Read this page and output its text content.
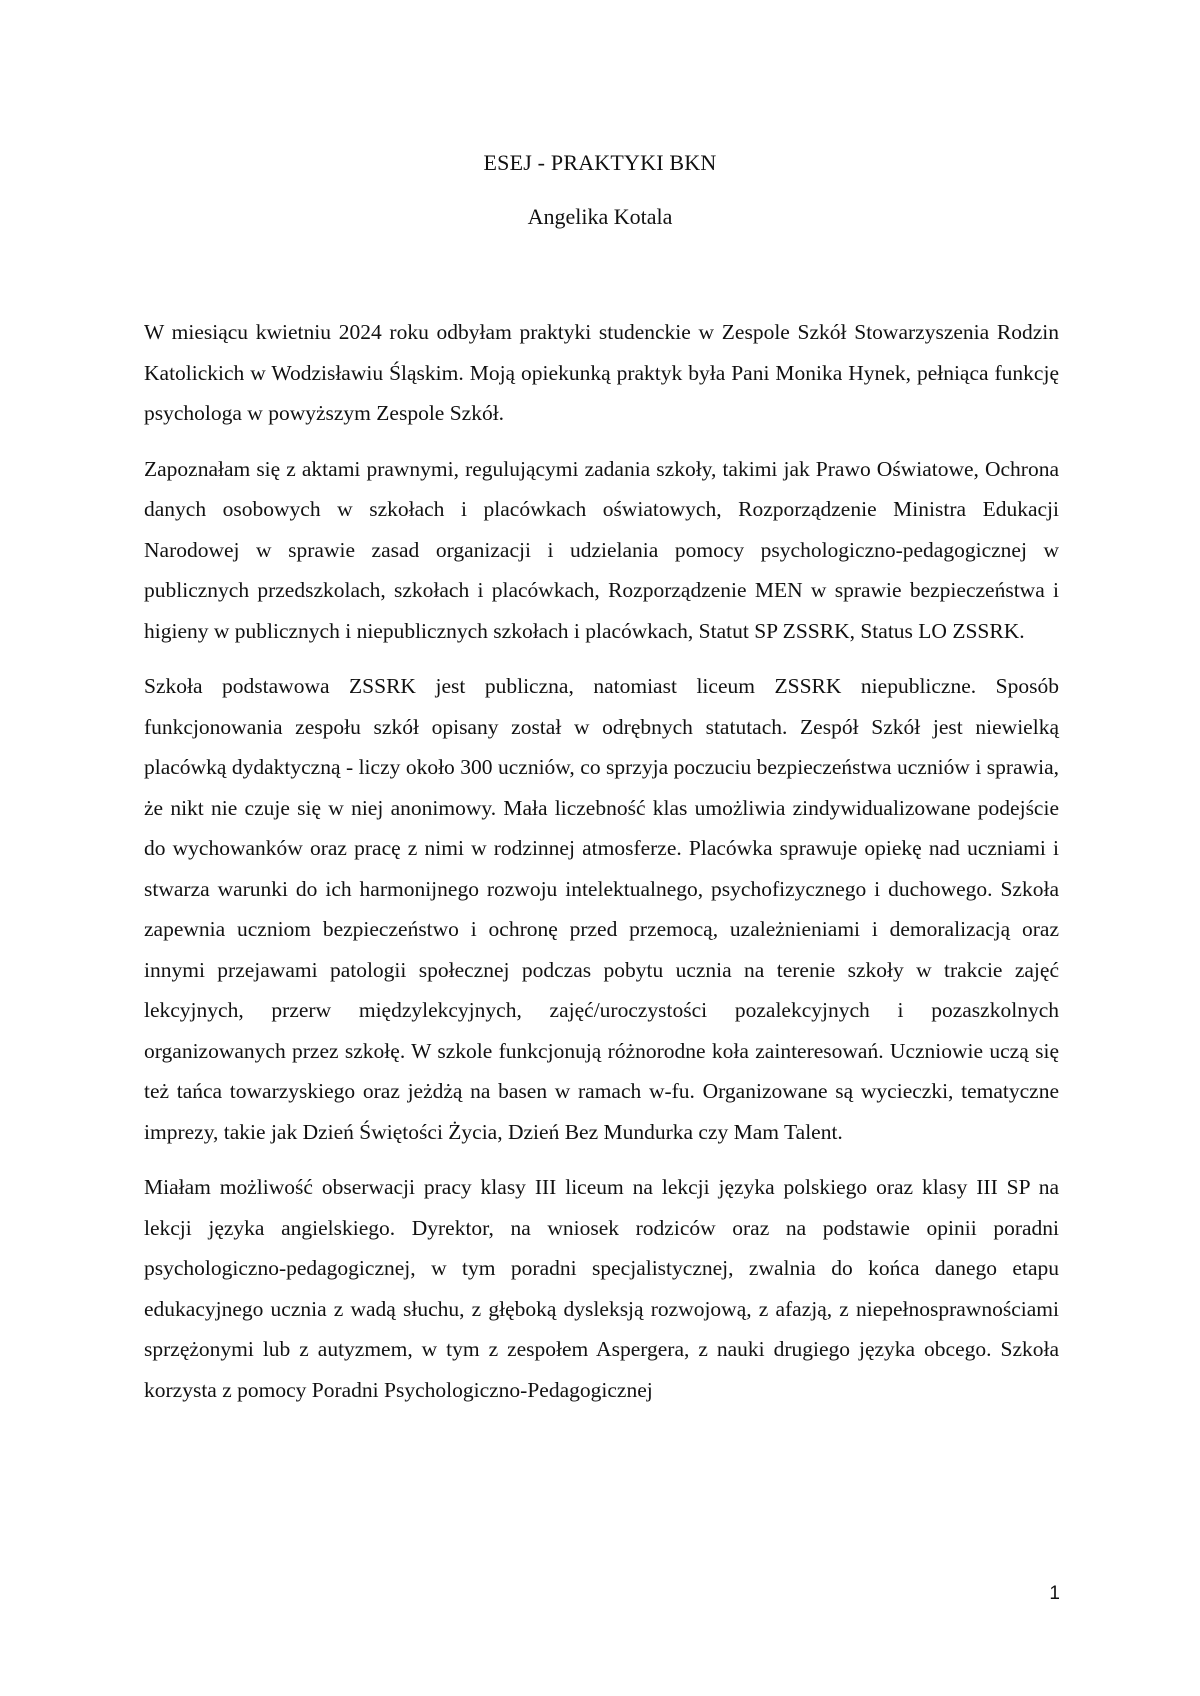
ESEJ - PRAKTYKI BKN
Angelika Kotala

W miesiącu kwietniu 2024 roku odbyłam praktyki studenckie w Zespole Szkół Stowarzyszenia Rodzin Katolickich w Wodzisławiu Śląskim. Moją opiekunką praktyk była Pani Monika Hynek, pełniąca funkcję psychologa w powyższym Zespole Szkół.

Zapoznałam się z aktami prawnymi, regulującymi zadania szkoły, takimi jak Prawo Oświatowe, Ochrona danych osobowych w szkołach i placówkach oświatowych, Rozporządzenie Ministra Edukacji Narodowej w sprawie zasad organizacji i udzielania pomocy psychologiczno-pedagogicznej w publicznych przedszkolach, szkołach i placówkach, Rozporządzenie MEN w sprawie bezpieczeństwa i higieny w publicznych i niepublicznych szkołach i placówkach, Statut SP ZSSRK, Status LO ZSSRK.

Szkoła podstawowa ZSSRK jest publiczna, natomiast liceum ZSSRK niepubliczne. Sposób funkcjonowania zespołu szkół opisany został w odrębnych statutach. Zespół Szkół jest niewielką placówką dydaktyczną - liczy około 300 uczniów, co sprzyja poczuciu bezpieczeństwa uczniów i sprawia, że nikt nie czuje się w niej anonimowy. Mała liczebność klas umożliwia zindywidualizowane podejście do wychowanków oraz pracę z nimi w rodzinnej atmosferze. Placówka sprawuje opiekę nad uczniami i stwarza warunki do ich harmonijnego rozwoju intelektualnego, psychofizycznego i duchowego. Szkoła zapewnia uczniom bezpieczeństwo i ochronę przed przemocą, uzależnieniami i demoralizacją oraz innymi przejawami patologii społecznej podczas pobytu ucznia na terenie szkoły w trakcie zajęć lekcyjnych, przerw międzylekcyjnych, zajęć/uroczystości pozalekcyjnych i pozaszkolnych organizowanych przez szkołę. W szkole funkcjonują różnorodne koła zainteresowań. Uczniowie uczą się też tańca towarzyskiego oraz jeżdżą na basen w ramach w-fu. Organizowane są wycieczki, tematyczne imprezy, takie jak Dzień Świętości Życia, Dzień Bez Mundurka czy Mam Talent.

Miałam możliwość obserwacji pracy klasy III liceum na lekcji języka polskiego oraz klasy III SP na lekcji języka angielskiego. Dyrektor, na wniosek rodziców oraz na podstawie opinii poradni psychologiczno-pedagogicznej, w tym poradni specjalistycznej, zwalnia do końca danego etapu edukacyjnego ucznia z wadą słuchu, z głęboką dysleksją rozwojową, z afazją, z niepełnosprawnościami sprzężonymi lub z autyzmem, w tym z zespołem Aspergera, z nauki drugiego języka obcego. Szkoła korzysta z pomocy Poradni Psychologiczno-Pedagogicznej

1
